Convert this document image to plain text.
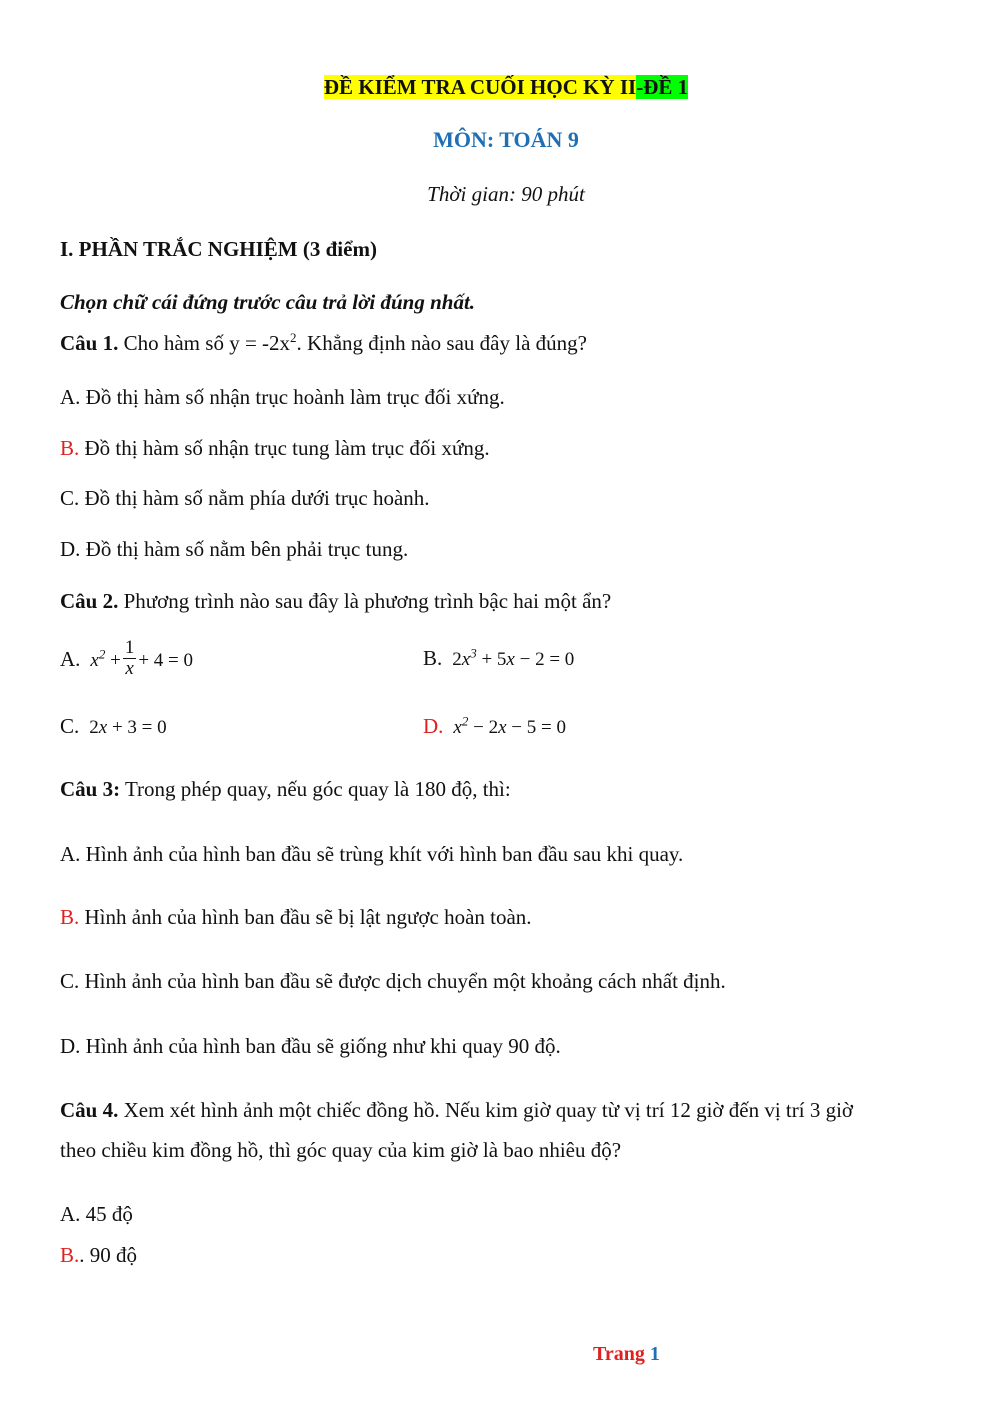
ĐỀ KIỂM TRA CUỐI HỌC KỲ II-ĐỀ 1
MÔN: TOÁN 9
Thời gian: 90 phút
I. PHẦN TRẮC NGHIỆM (3 điểm)
Chọn chữ cái đứng trước câu trả lời đúng nhất.
Câu 1. Cho hàm số $y = -2x^2$. Khẳng định nào sau đây là đúng?
A. Đồ thị hàm số nhận trục hoành làm trục đối xứng.
B. Đồ thị hàm số nhận trục tung làm trục đối xứng.
C. Đồ thị hàm số nằm phía dưới trục hoành.
D. Đồ thị hàm số nằm bên phải trục tung.
Câu 2. Phương trình nào sau đây là phương trình bậc hai một ẩn?
A.  $x^2 + \frac{1}{x} + 4 = 0$	B. $2x^3 + 5x - 2 = 0$
C. 2x + 3 = 0	D.  $x^2 - 2x - 5 = 0$
Câu 3: Trong phép quay, nếu góc quay là 180 độ, thì:
A. Hình ảnh của hình ban đầu sẽ trùng khít với hình ban đầu sau khi quay.
B. Hình ảnh của hình ban đầu sẽ bị lật ngược hoàn toàn.
C. Hình ảnh của hình ban đầu sẽ được dịch chuyển một khoảng cách nhất định.
D. Hình ảnh của hình ban đầu sẽ giống như khi quay 90 độ.
Câu 4. Xem xét hình ảnh một chiếc đồng hồ. Nếu kim giờ quay từ vị trí 12 giờ đến vị trí 3 giờ
theo chiều kim đồng hồ, thì góc quay của kim giờ là bao nhiêu độ?
A. 45 độ
B.. 90 độ
Trang 1
